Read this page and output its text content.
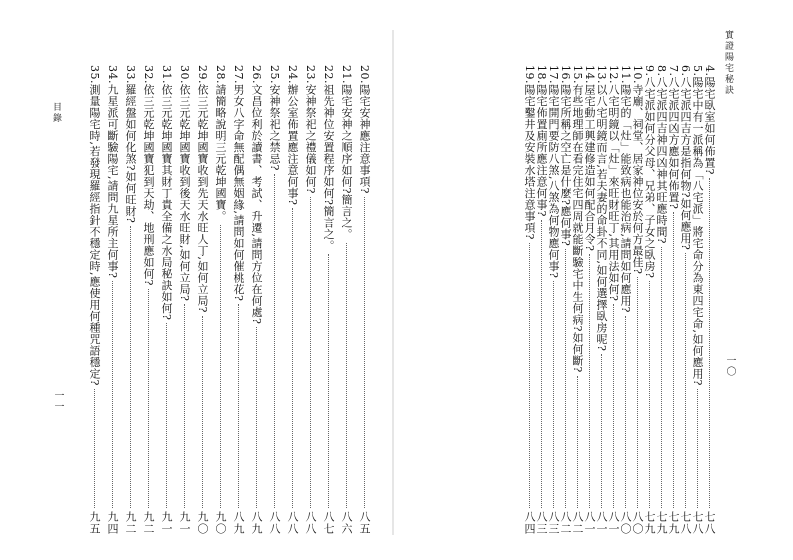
實證陽宅秘訣
一〇
4.陽宅臥室如何佈置?
七八
5.陽宅中有一派稱為「八宅派」將宅命分為東四宅命,如何應用?
七八
6.八宅派四吉方是指何物?如何應用?
七八
7.八宅派四凶方應如何佈置?
七九
8.八宅派四吉神四凶神其旺應時間?
七九
9.八宅派如何分父母、兄弟、子女之臥房?
七九
10.寺廟、祠堂、居家神位安於何方最佳?
八〇
11.陽宅的「灶」能致病也能治病,請問如何應用?
八〇
12.八宅明鏡以「灶」來旺財旺丁,其用法如何?
八一
13.以八宅明鏡而言,若夫妻的命卦不同,如何選擇臥房呢?
八一
14.屋宅動工興建修造如何配合月令?
八一
15.有些地理師在看完住宅四周就能斷驗宅中生何病?如何斷?
八二
16.陽宅所稱之空亡是什麼?應何事?
八二
17.陽宅開門要防八煞,八煞為何物應何事?
八三
18.陽宅佈置廁所應注意何事?
八三
19.陽宅鑿井及安裝水塔注意事項?
八四
目錄
一一
20.陽宅安神應注意事項?
八五
21.陽宅安神之順序如何?簡言之。
八六
22.祖先神位安置程序如何?簡言之。
八七
23.安神祭祀之禮儀如何?
八八
24.辦公室佈置應注意何事?
八八
25.安神祭祀之禁忌?
八八
26.文昌位利於讀書、考試、升遷,請問方位在何處?
八九
27.男女八字命無配偶無姻緣,請問如何催桃花?
八九
28.請簡略說明三元乾坤國寶。
九〇
29.依三元乾坤國寶收到先天水旺人丁,如何立局?
九〇
30.依三元乾坤國寶收到後天水旺財,如何立局?
九一
31.依三元乾坤國寶其財丁貴全備之水局秘訣如何?
九一
32.依三元乾坤國寶犯到天劫、地刑應如何?
九二
33.羅經盤如何化煞?如何旺財?
九二
34.九星派可斷驗陽宅,請問九星所主何事?
九四
35.測量陽宅時,若發現羅經指針不穩定時,應使用何種咒語穩定?
九五
